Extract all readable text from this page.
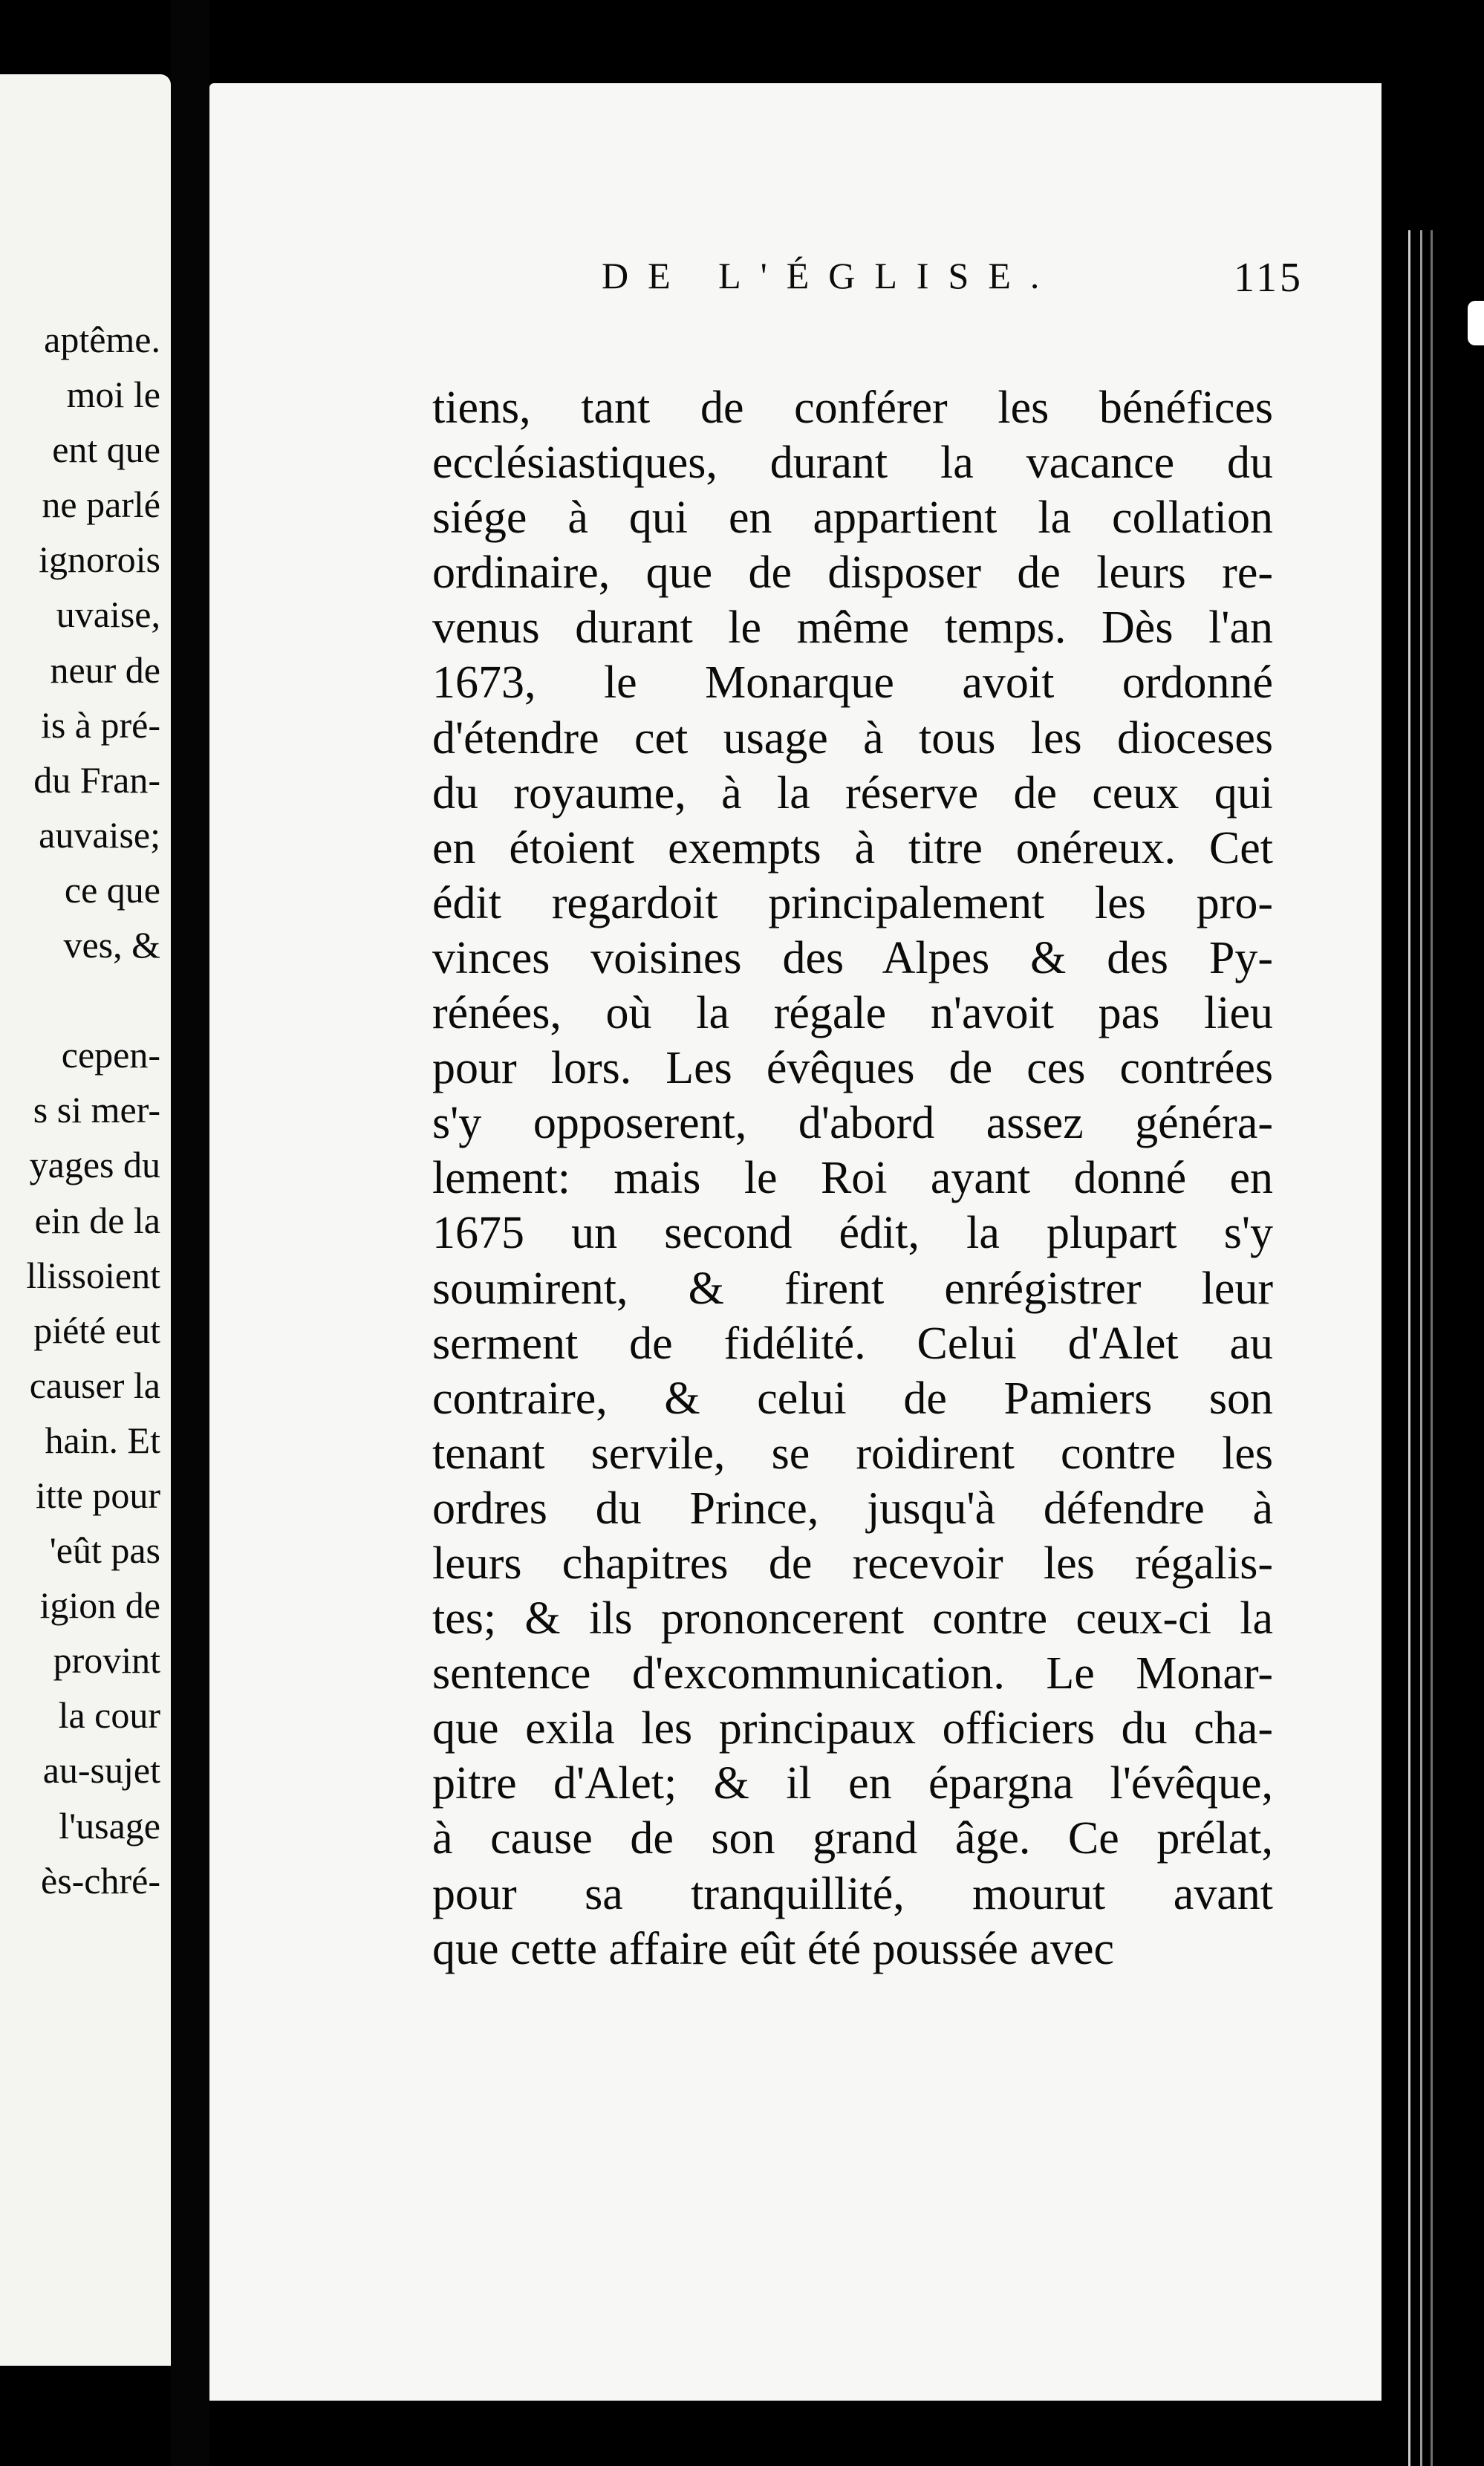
aptême.
moi le
ent que
ne parlé
ignorois
uvaise,
neur de
is à pré-
du Fran-
auvaise;
ce que
ves, &
cepen-
s si mer-
yages du
ein de la
llissoient
piété eut
causer la
hain. Et
itte pour
'eût pas
igion de
provint
la cour
au-sujet
l'usage
ès-chré-
DE L'ÉGLISE.	115
tiens, tant de conférer les bénéfices
ecclésiastiques, durant la vacance du
siége à qui en appartient la collation
ordinaire, que de disposer de leurs re-
venus durant le même temps. Dès l'an
1673, le Monarque avoit ordonné
d'étendre cet usage à tous les dioceses
du royaume, à la réserve de ceux qui
en étoient exempts à titre onéreux. Cet
édit regardoit principalement les pro-
vinces voisines des Alpes & des Py-
rénées, où la régale n'avoit pas lieu
pour lors. Les évêques de ces contrées
s'y opposerent, d'abord assez généra-
lement: mais le Roi ayant donné en
1675 un second édit, la plupart s'y
soumirent, & firent enrégistrer leur
serment de fidélité. Celui d'Alet au
contraire, & celui de Pamiers son
tenant servile, se roidirent contre les
ordres du Prince, jusqu'à défendre à
leurs chapitres de recevoir les régalis-
tes; & ils prononcerent contre ceux-ci la
sentence d'excommunication. Le Monar-
que exila les principaux officiers du cha-
pitre d'Alet; & il en épargna l'évêque,
à cause de son grand âge. Ce prélat,
pour sa tranquillité, mourut avant
que cette affaire eût été poussée avec
